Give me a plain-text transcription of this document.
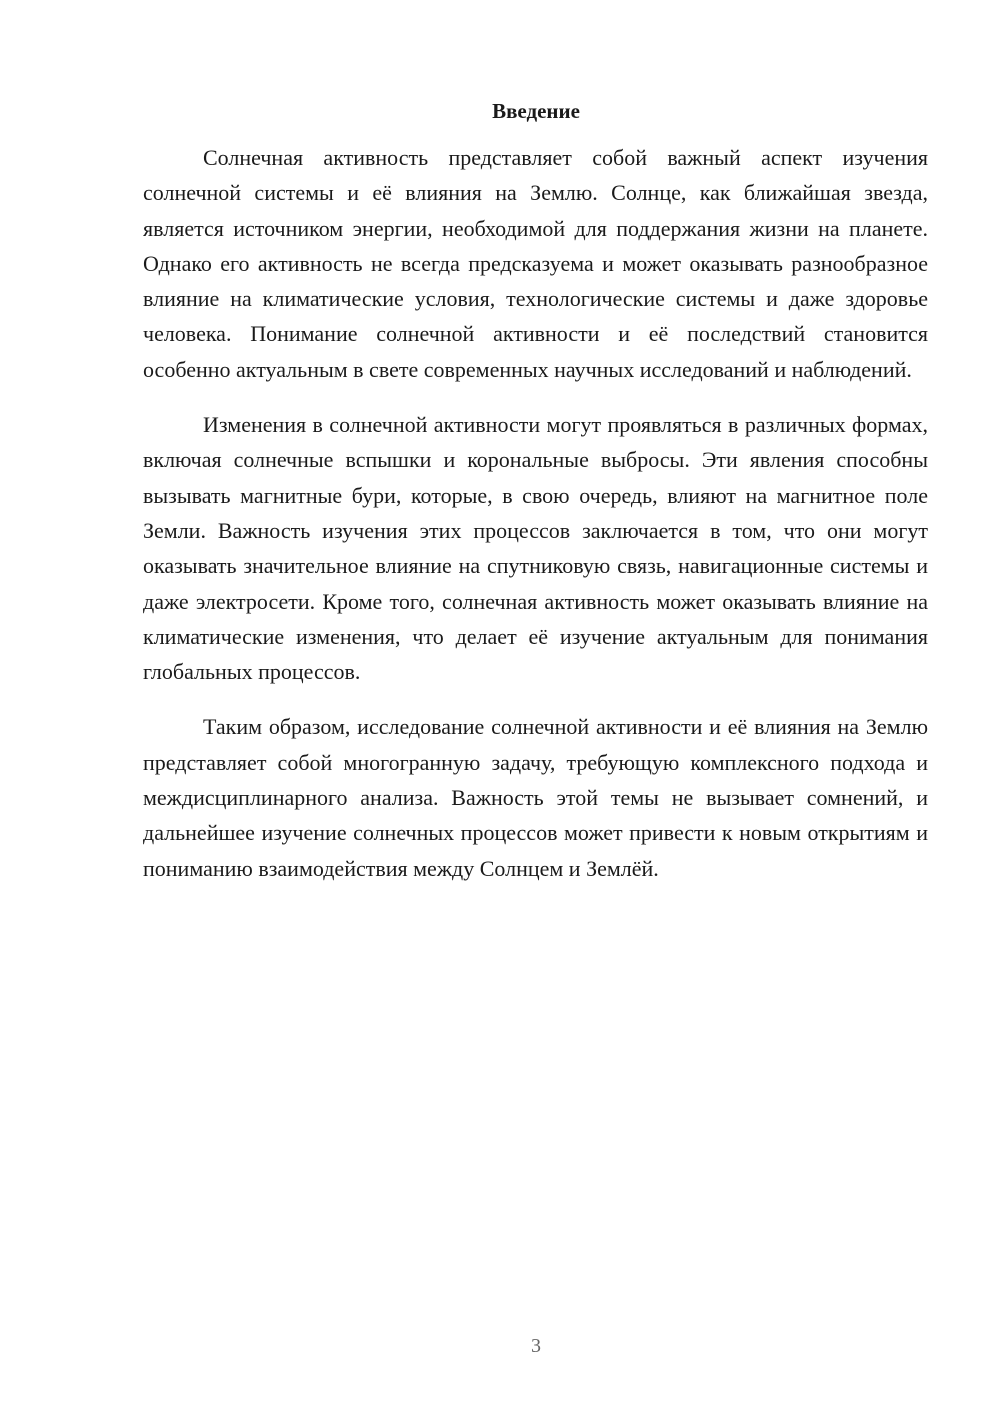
Введение

Солнечная активность представляет собой важный аспект изучения солнечной системы и её влияния на Землю. Солнце, как ближайшая звезда, является источником энергии, необходимой для поддержания жизни на планете. Однако его активность не всегда предсказуема и может оказывать разнообразное влияние на климатические условия, технологические системы и даже здоровье человека. Понимание солнечной активности и её последствий становится особенно актуальным в свете современных научных исследований и наблюдений.

Изменения в солнечной активности могут проявляться в различных формах, включая солнечные вспышки и корональные выбросы. Эти явления способны вызывать магнитные бури, которые, в свою очередь, влияют на магнитное поле Земли. Важность изучения этих процессов заключается в том, что они могут оказывать значительное влияние на спутниковую связь, навигационные системы и даже электросети. Кроме того, солнечная активность может оказывать влияние на климатические изменения, что делает её изучение актуальным для понимания глобальных процессов.

Таким образом, исследование солнечной активности и её влияния на Землю представляет собой многогранную задачу, требующую комплексного подхода и междисциплинарного анализа. Важность этой темы не вызывает сомнений, и дальнейшее изучение солнечных процессов может привести к новым открытиям и пониманию взаимодействия между Солнцем и Землёй.

3
